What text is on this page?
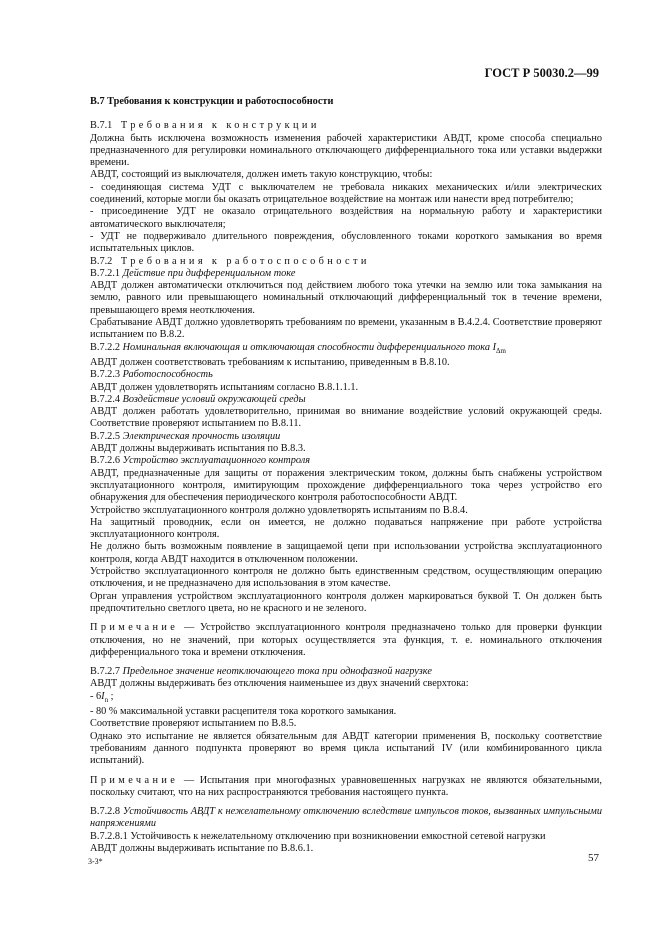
ГОСТ Р 50030.2—99

В.7 Требования к конструкции и работоспособности

В.7.1 Требования к конструкции

Должна быть исключена возможность изменения рабочей характеристики АВДТ, кроме способа специально предназначенного для регулировки номинального отключающего дифференциального тока или уставки выдержки времени.

АВДТ, состоящий из выключателя, должен иметь такую конструкцию, чтобы:

- соединяющая система УДТ с выключателем не требовала никаких механических и/или электрических соединений, которые могли бы оказать отрицательное воздействие на монтаж или нанести вред потребителю;

- присоединение УДТ не оказало отрицательного воздействия на нормальную работу и характеристики автоматического выключателя;

- УДТ не подверживало длительного повреждения, обусловленного токами короткого замыкания во время испытательных циклов.

В.7.2 Требования к работоспособности

В.7.2.1 Действие при дифференциальном токе

АВДТ должен автоматически отключиться под действием любого тока утечки на землю или тока замыкания на землю, равного или превышающего номинальный отключающий дифференциальный ток в течение времени, превышающего время неотключения.

Срабатывание АВДТ должно удовлетворять требованиям по времени, указанным в В.4.2.4. Соответствие проверяют испытанием по В.8.2.

В.7.2.2 Номинальная включающая и отключающая способности дифференциального тока $I_{\Delta m}$

АВДТ должен соответствовать требованиям к испытанию, приведенным в В.8.10.

В.7.2.3 Работоспособность

АВДТ должен удовлетворять испытаниям согласно В.8.1.1.1.

В.7.2.4 Воздействие условий окружающей среды

АВДТ должен работать удовлетворительно, принимая во внимание воздействие условий окружающей среды. Соответствие проверяют испытанием по В.8.11.

В.7.2.5 Электрическая прочность изоляции

АВДТ должны выдерживать испытания по В.8.3.

В.7.2.6 Устройство эксплуатационного контроля

АВДТ, предназначенные для защиты от поражения электрическим током, должны быть снабжены устройством эксплуатационного контроля, имитирующим прохождение дифференциального тока через устройство его обнаружения для обеспечения периодического контроля работоспособности АВДТ.

Устройство эксплуатационного контроля должно удовлетворять испытаниям по В.8.4.

На защитный проводник, если он имеется, не должно подаваться напряжение при работе устройства эксплуатационного контроля.

Не должно быть возможным появление в защищаемой цепи при использовании устройства эксплуатационного контроля, когда АВДТ находится в отключенном положении.

Устройство эксплуатационного контроля не должно быть единственным средством, осуществляющим операцию отключения, и не предназначено для использования в этом качестве.

Орган управления устройством эксплуатационного контроля должен маркироваться буквой Т. Он должен быть предпочтительно светлого цвета, но не красного и не зеленого.

Примечание — Устройство эксплуатационного контроля предназначено только для проверки функции отключения, но не значений, при которых осуществляется эта функция, т. е. номинального отключения дифференциального тока и времени отключения.

В.7.2.7 Предельное значение неотключающего тока при однофазной нагрузке

АВДТ должны выдерживать без отключения наименьшее из двух значений сверхтока:

- $6I_n$ ;

- 80 % максимальной уставки расцепителя тока короткого замыкания.

Соответствие проверяют испытанием по В.8.5.

Однако это испытание не является обязательным для АВДТ категории применения В, поскольку соответствие требованиям данного подпункта проверяют во время цикла испытаний IV (или комбинированного цикла испытаний).

Примечание — Испытания при многофазных уравновешенных нагрузках не являются обязательными, поскольку считают, что на них распространяются требования настоящего пункта.

В.7.2.8 Устойчивость АВДТ к нежелательному отключению вследствие импульсов токов, вызванных импульсными напряжениями

В.7.2.8.1 Устойчивость к нежелательному отключению при возникновении емкостной сетевой нагрузки

АВДТ должны выдерживать испытание по В.8.6.1.

3-3*	57
